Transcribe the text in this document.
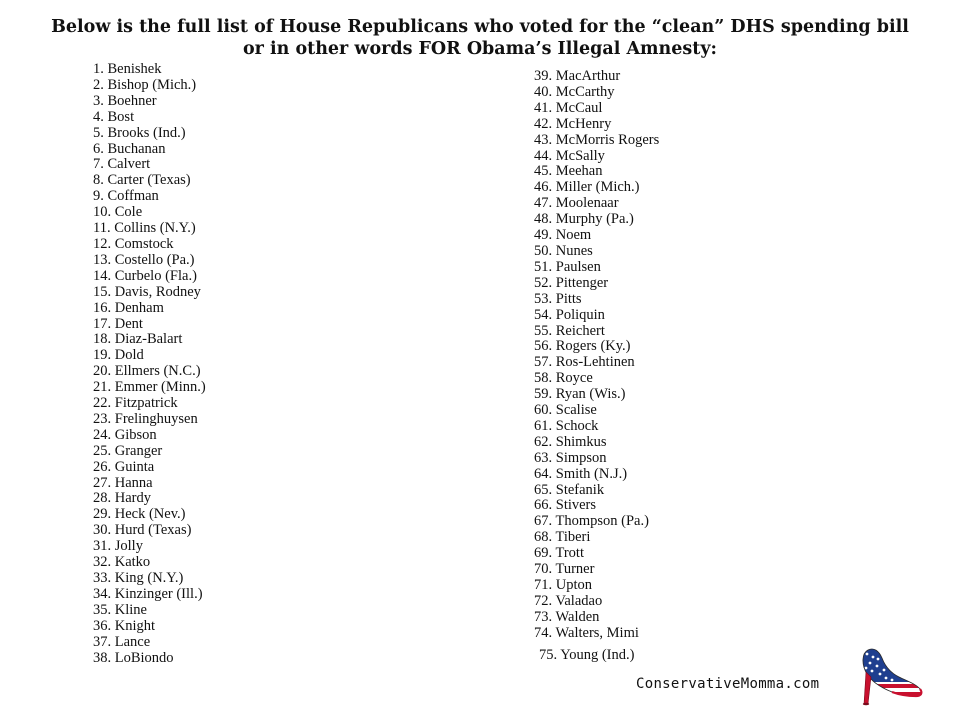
Below is the full list of House Republicans who voted for the “clean” DHS spending bill
or in other words FOR Obama’s Illegal Amnesty:
1. Benishek
2. Bishop (Mich.)
3. Boehner
4. Bost
5. Brooks (Ind.)
6. Buchanan
7. Calvert
8. Carter (Texas)
9. Coffman
10. Cole
11. Collins (N.Y.)
12. Comstock
13. Costello (Pa.)
14. Curbelo (Fla.)
15. Davis, Rodney
16. Denham
17. Dent
18. Diaz-Balart
19. Dold
20. Ellmers (N.C.)
21. Emmer (Minn.)
22. Fitzpatrick
23. Frelinghuysen
24. Gibson
25. Granger
26. Guinta
27. Hanna
28. Hardy
29. Heck (Nev.)
30. Hurd (Texas)
31. Jolly
32. Katko
33. King (N.Y.)
34. Kinzinger (Ill.)
35. Kline
36. Knight
37. Lance
38. LoBiondo
39. MacArthur
40. McCarthy
41. McCaul
42. McHenry
43. McMorris Rogers
44. McSally
45. Meehan
46. Miller (Mich.)
47. Moolenaar
48. Murphy (Pa.)
49. Noem
50. Nunes
51. Paulsen
52. Pittenger
53. Pitts
54. Poliquin
55. Reichert
56. Rogers (Ky.)
57. Ros-Lehtinen
58. Royce
59. Ryan (Wis.)
60. Scalise
61. Schock
62. Shimkus
63. Simpson
64. Smith (N.J.)
65. Stefanik
66. Stivers
67. Thompson (Pa.)
68. Tiberi
69. Trott
70. Turner
71. Upton
72. Valadao
73. Walden
74. Walters, Mimi
75. Young (Ind.)
ConservativeMomma.com
